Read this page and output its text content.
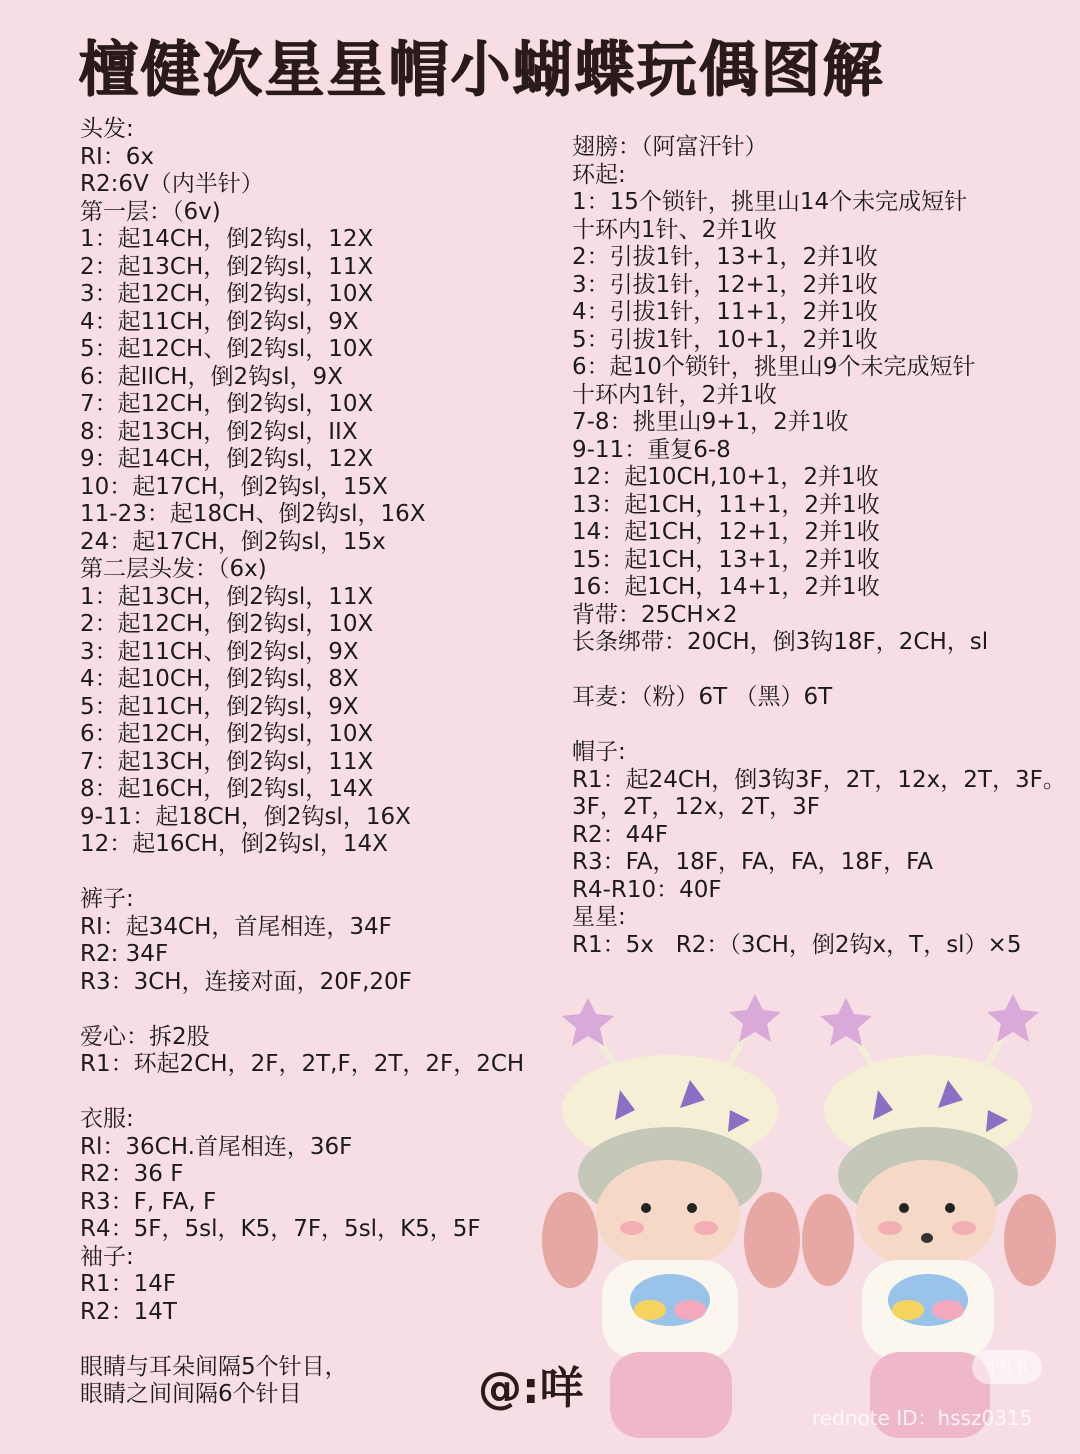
檀健次星星帽小蝴蝶玩偶图解
头发:
RI：6x
R2:6V（内半针）
第一层：（6v)
1：起14CH，倒2钩sl，12X
2：起13CH，倒2钩sl，11X
3：起12CH，倒2钩sl，10X
4：起11CH，倒2钩sl，9X
5：起12CH、倒2钩sl，10X
6：起IICH，倒2钩sl，9X
7：起12CH，倒2钩sl，10X
8：起13CH，倒2钩sl，IIX
9：起14CH，倒2钩sl，12X
10：起17CH，倒2钩sl，15X
11-23：起18CH、倒2钩sl，16X
24：起17CH，倒2钩sl，15x
第二层头发：（6x)
1：起13CH，倒2钩sl，11X
2：起12CH，倒2钩sl，10X
3：起11CH、倒2钩sl，9X
4：起10CH，倒2钩sl，8X
5：起11CH，倒2钩sl，9X
6：起12CH，倒2钩sl，10X
7：起13CH，倒2钩sl，11X
8：起16CH，倒2钩sl，14X
9-11：起18CH，倒2钩sl，16X
12：起16CH，倒2钩sl，14X
裤子:
RI：起34CH，首尾相连，34F
R2: 34F
R3：3CH，连接对面，20F,20F
爱心：拆2股
R1：环起2CH，2F，2T,F，2T，2F，2CH
衣服:
Rl：36CH.首尾相连，36F
R2：36 F
R3：F, FA, F
R4：5F，5sl，K5，7F，5sl，K5，5F
袖子:
R1：14F
R2：14T
眼睛与耳朵间隔5个针目，
眼睛之间间隔6个针目
翅膀：（阿富汗针）
环起:
1：15个锁针，挑里山14个未完成短针
十环内1针、2并1收
2：引拔1针，13+1，2并1收
3：引拔1针，12+1，2并1收
4：引拔1针，11+1，2并1收
5：引拔1针，10+1，2并1收
6：起10个锁针，挑里山9个未完成短针
十环内1针，2并1收
7-8：挑里山9+1，2并1收
9-11：重复6-8
12：起10CH,10+1，2并1收
13：起1CH，11+1，2并1收
14：起1CH，12+1，2并1收
15：起1CH，13+1，2并1收
16：起1CH，14+1，2并1收
背带：25CH×2
长条绑带：20CH，倒3钩18F，2CH，sl
耳麦：（粉）6T （黑）6T
帽子:
R1：起24CH，倒3钩3F，2T，12x，2T，3F。
3F，2T，12x，2T，3F
R2：44F
R3：FA，18F，FA，FA，18F，FA
R4-R10：40F
星星:
R1：5x   R2：（3CH，倒2钩x，T，sl）×5
@:咩	小红书
rednote ID：hssz0315
